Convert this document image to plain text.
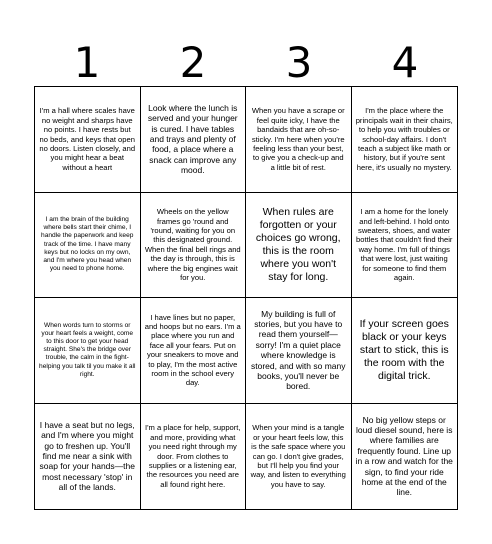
1	2	3	4
I'm a hall where scales have no weight and sharps have no points. I have rests but no beds, and keys that open no doors. Listen closely, and you might hear a beat without a heart
Look where the lunch is served and your hunger is cured. I have tables and trays and plenty of food, a place where a snack can improve any mood.
When you have a scrape or feel quite icky, I have the bandaids that are oh-so-sticky. I'm here when you're feeling less than your best, to give you a check-up and a little bit of rest.
I'm the place where the principals wait in their chairs, to help you with troubles or school-day affairs. I don't teach a subject like math or history, but if you're sent here, it's usually no mystery.
I am the brain of the building where bells start their chime, I handle the paperwork and keep track of the time. I have many keys but no locks on my own, and I'm where you head when you need to phone home.
Wheels on the yellow frames go 'round and 'round, waiting for you on this designated ground. When the final bell rings and the day is through, this is where the big engines wait for you.
When rules are forgotten or your choices go wrong, this is the room where you won't stay for long.
I am a home for the lonely and left-behind. I hold onto sweaters, shoes, and water bottles that couldn't find their way home. I'm full of things that were lost, just waiting for someone to find them again.
When words turn to storms or your heart feels a weight, come to this door to get your head straight. She's the bridge over trouble, the calm in the fight-helping you talk til you make it all right.
I have lines but no paper, and hoops but no ears. I'm a place where you run and face all your fears. Put on your sneakers to move and to play, I'm the most active room in the school every day.
My building is full of stories, but you have to read them yourself—sorry! I'm a quiet place where knowledge is stored, and with so many books, you'll never be bored.
If your screen goes black or your keys start to stick, this is the room with the digital trick.
I have a seat but no legs, and I'm where you might go to freshen up. You'll find me near a sink with soap for your hands—the most necessary 'stop' in all of the lands.
I'm a place for help, support, and more, providing what you need right through my door. From clothes to supplies or a listening ear, the resources you need are all found right here.
When your mind is a tangle or your heart feels low, this is the safe space where you can go. I don't give grades, but I'll help you find your way, and listen to everything you have to say.
No big yellow steps or loud diesel sound, here is where families are frequently found. Line up in a row and watch for the sign, to find your ride home at the end of the line.
